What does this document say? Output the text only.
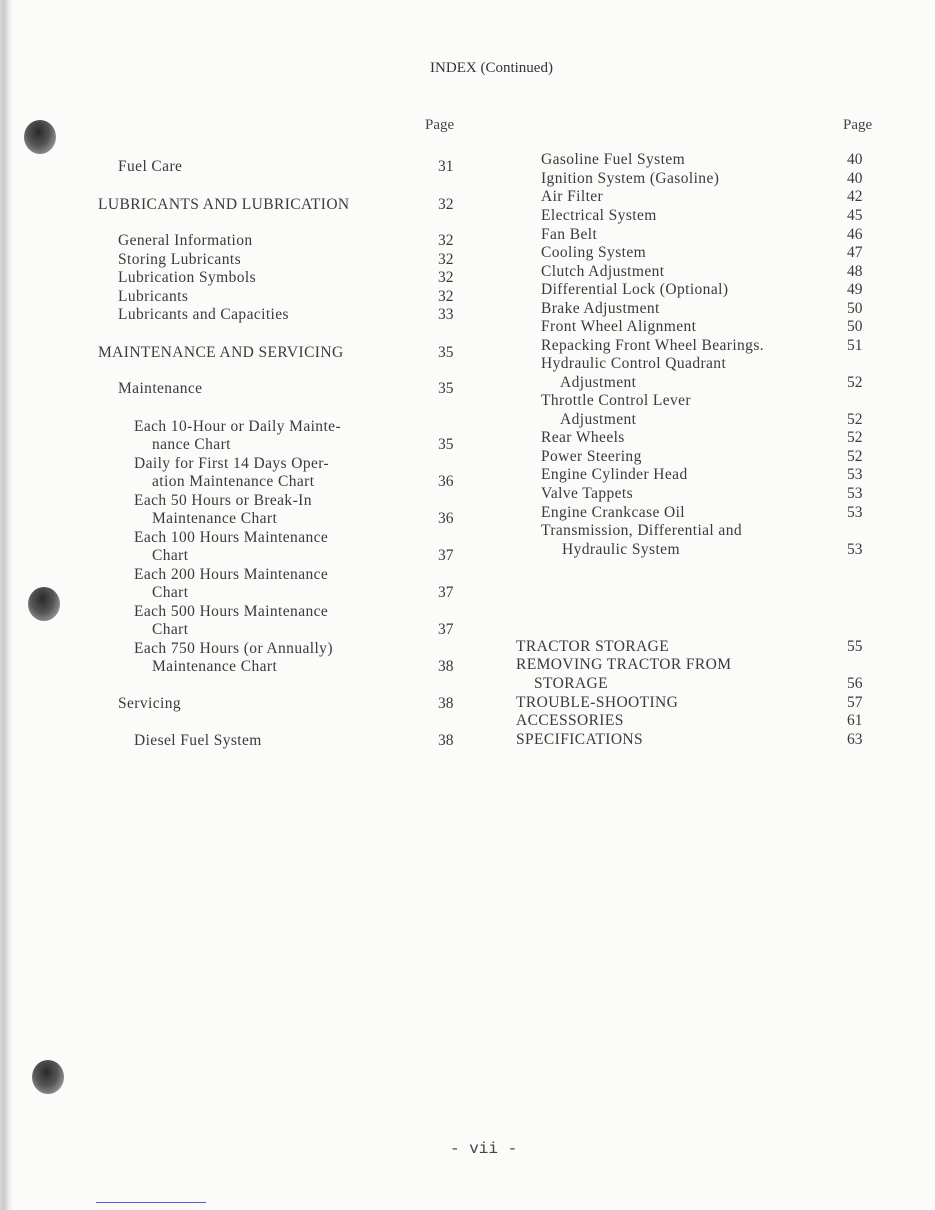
INDEX (Continued)
Page	Page
Fuel Care	31
LUBRICANTS AND LUBRICATION	32
General Information	32
Storing Lubricants	32
Lubrication Symbols	32
Lubricants	32
Lubricants and Capacities	33
MAINTENANCE AND SERVICING	35
Maintenance	35
Each 10-Hour or Daily Mainte-
nance Chart	35
Daily for First 14 Days Oper-
ation Maintenance Chart	36
Each 50 Hours or Break-In
Maintenance Chart	36
Each 100 Hours Maintenance
Chart	37
Each 200 Hours Maintenance
Chart	37
Each 500 Hours Maintenance
Chart	37
Each 750 Hours (or Annually)
Maintenance Chart	38
Servicing	38
Diesel Fuel System	38
Gasoline Fuel System	40
Ignition System (Gasoline)	40
Air Filter	42
Electrical System	45
Fan Belt	46
Cooling System	47
Clutch Adjustment	48
Differential Lock (Optional)	49
Brake Adjustment	50
Front Wheel Alignment	50
Repacking Front Wheel Bearings.	51
Hydraulic Control Quadrant
Adjustment	52
Throttle Control Lever
Adjustment	52
Rear Wheels	52
Power Steering	52
Engine Cylinder Head	53
Valve Tappets	53
Engine Crankcase Oil	53
Transmission, Differential and
Hydraulic System	53
TRACTOR STORAGE	55
REMOVING TRACTOR FROM
STORAGE	56
TROUBLE-SHOOTING	57
ACCESSORIES	61
SPECIFICATIONS	63
- vii -
